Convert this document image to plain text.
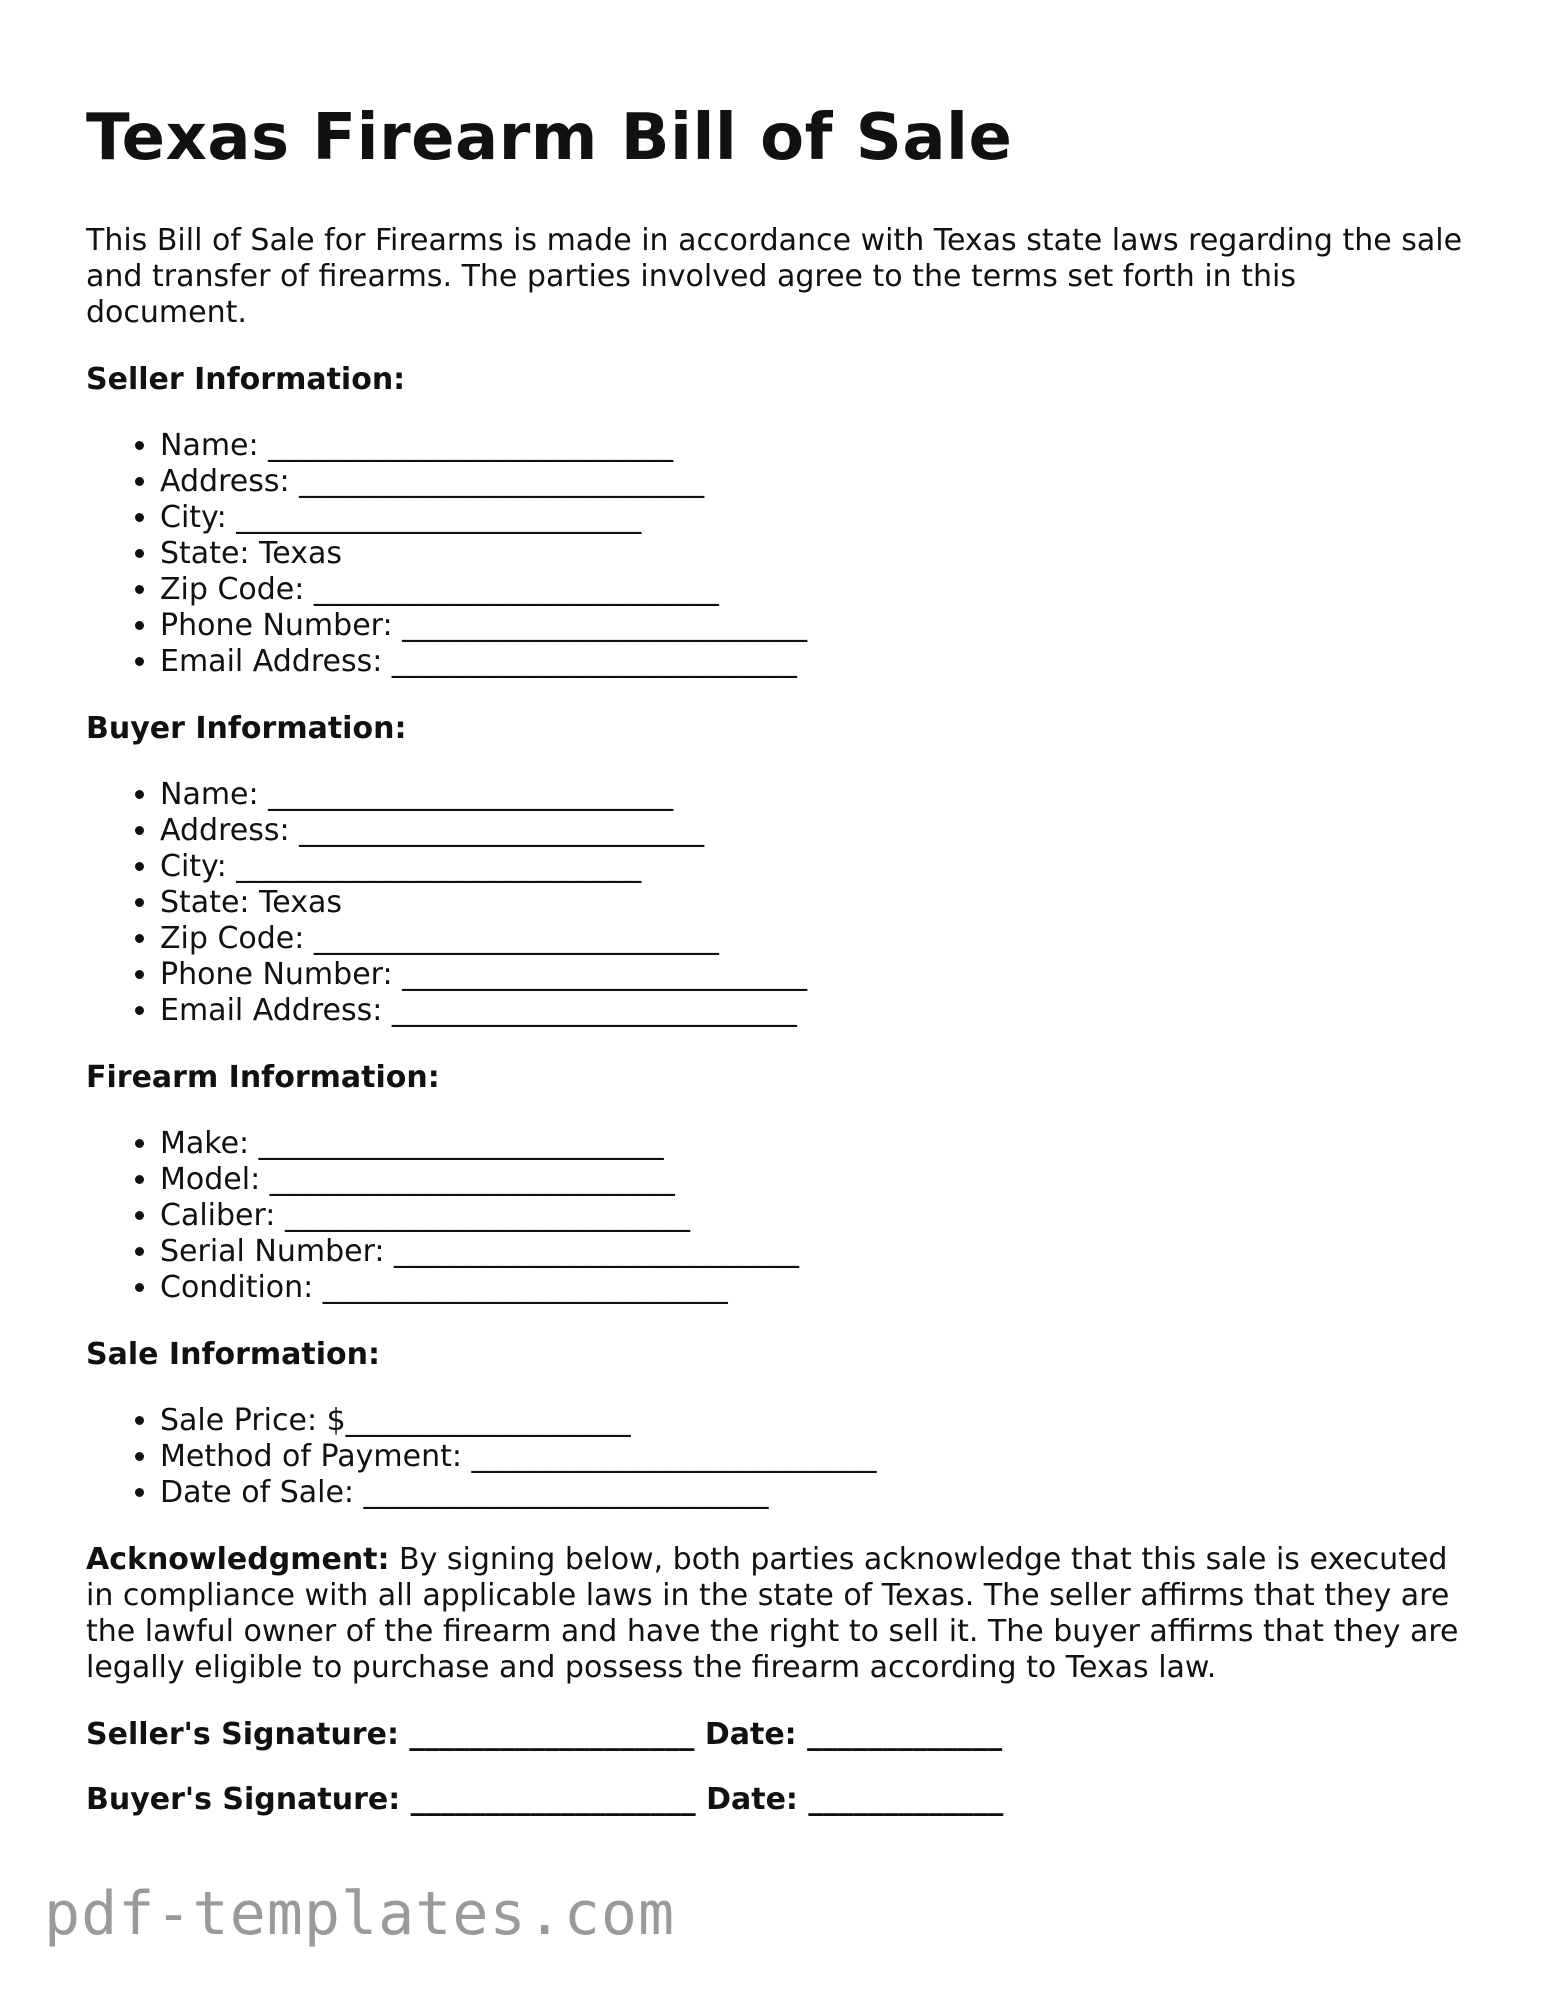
Texas Firearm Bill of Sale

This Bill of Sale for Firearms is made in accordance with Texas state laws regarding the sale and transfer of firearms. The parties involved agree to the terms set forth in this document.

Seller Information:
• Name: ___________________________
• Address: ___________________________
• City: ___________________________
• State: Texas
• Zip Code: ___________________________
• Phone Number: ___________________________
• Email Address: ___________________________
Buyer Information:
• Name: ___________________________
• Address: ___________________________
• City: ___________________________
• State: Texas
• Zip Code: ___________________________
• Phone Number: ___________________________
• Email Address: ___________________________
Firearm Information:
• Make: ___________________________
• Model: ___________________________
• Caliber: ___________________________
• Serial Number: ___________________________
• Condition: ___________________________
Sale Information:
• Sale Price: $___________________
• Method of Payment: ___________________________
• Date of Sale: ___________________________

Acknowledgment: By signing below, both parties acknowledge that this sale is executed in compliance with all applicable laws in the state of Texas. The seller affirms that they are the lawful owner of the firearm and have the right to sell it. The buyer affirms that they are legally eligible to purchase and possess the firearm according to Texas law.

Seller's Signature: ___________________ Date: _____________
Buyer's Signature: ___________________ Date: _____________
pdf-templates.com
